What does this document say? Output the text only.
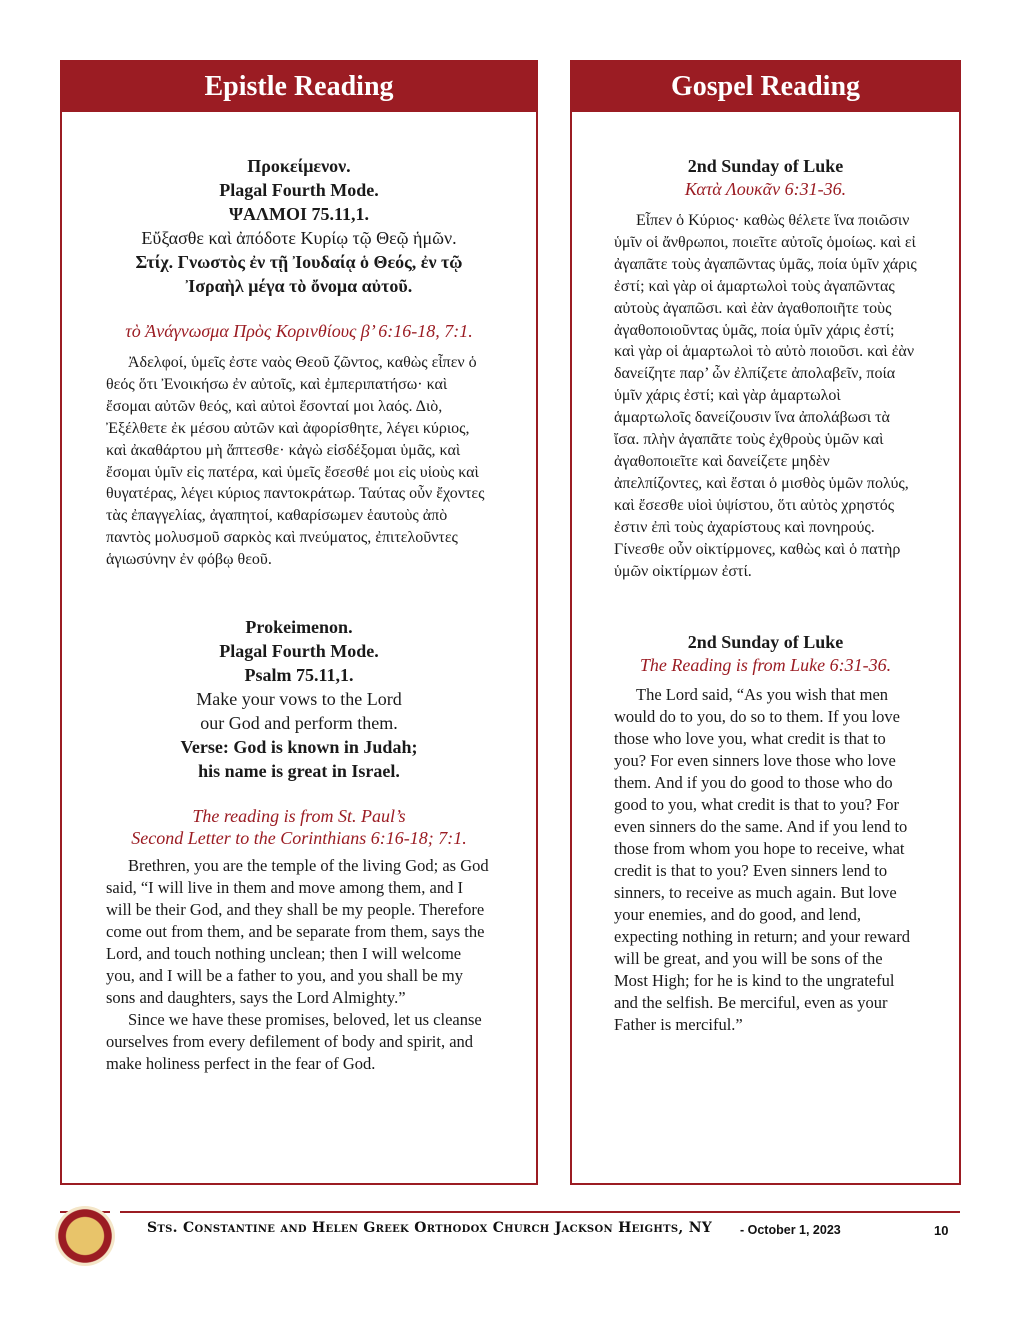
Epistle Reading
Προκείμενον.
Plagal Fourth Mode.
ΨΑΛΜΟΙ 75.11,1.
Εὔξασθε καὶ ἀπόδοτε Κυρίῳ τῷ Θεῷ ἡμῶν.
Στίχ. Γνωστὸς ἐν τῇ Ἰουδαίᾳ ὁ Θεός, ἐν τῷ
Ἰσραὴλ μέγα τὸ ὄνομα αὐτοῦ.
τὸ Ἀνάγνωσμα Πρὸς Κορινθίους β’ 6:16-18, 7:1.

Ἀδελφοί, ὑμεῖς ἐστε ναὸς Θεοῦ ζῶντος, καθὼς εἶπεν ὁ θεός ὅτι Ἐνοικήσω ἐν αὐτοῖς, καὶ ἐμπεριπατήσω· καὶ ἔσομαι αὐτῶν θεός, καὶ αὐτοὶ ἔσονταί μοι λαός. Διὸ, Ἐξέλθετε ἐκ μέσου αὐτῶν καὶ ἀφορίσθητε, λέγει κύριος, καὶ ἀκαθάρτου μὴ ἅπτεσθε· κἀγὼ εἰσδέξομαι ὑμᾶς, καὶ ἔσομαι ὑμῖν εἰς πατέρα, καὶ ὑμεῖς ἔσεσθέ μοι εἰς υἱοὺς καὶ θυγατέρας, λέγει κύριος παντοκράτωρ. Ταύτας οὖν ἔχοντες τὰς ἐπαγγελίας, ἀγαπητοί, καθαρίσωμεν ἑαυτοὺς ἀπὸ παντὸς μολυσμοῦ σαρκὸς καὶ πνεύματος, ἐπιτελοῦντες ἁγιωσύνην ἐν φόβῳ θεοῦ.

Prokeimenon.
Plagal Fourth Mode.
Psalm 75.11,1.
Make your vows to the Lord
our God and perform them.
Verse: God is known in Judah;
his name is great in Israel.
The reading is from St. Paul’s
Second Letter to the Corinthians 6:16-18; 7:1.

Brethren, you are the temple of the living God; as God said, “I will live in them and move among them, and I will be their God, and they shall be my people. Therefore come out from them, and be separate from them, says the Lord, and touch nothing unclean; then I will welcome you, and I will be a father to you, and you shall be my sons and daughters, says the Lord Almighty.”

Since we have these promises, beloved, let us cleanse ourselves from every defilement of body and spirit, and make holiness perfect in the fear of God.

Gospel Reading
2nd Sunday of Luke
Κατὰ Λουκᾶν 6:31-36.

Εἶπεν ὁ Κύριος· καθὼς θέλετε ἵνα ποιῶσιν ὑμῖν οἱ ἄνθρωποι, ποιεῖτε αὐτοῖς ὁμοίως. καὶ εἰ ἀγαπᾶτε τοὺς ἀγαπῶντας ὑμᾶς, ποία ὑμῖν χάρις ἐστί; καὶ γὰρ οἱ ἁμαρτωλοὶ τοὺς ἀγαπῶντας αὐτοὺς ἀγαπῶσι. καὶ ἐὰν ἀγαθοποιῆτε τοὺς ἀγαθοποιοῦντας ὑμᾶς, ποία ὑμῖν χάρις ἐστί; καὶ γὰρ οἱ ἁμαρτωλοὶ τὸ αὐτὸ ποιοῦσι. καὶ ἐὰν δανείζητε παρ’ ὧν ἐλπίζετε ἀπολαβεῖν, ποία ὑμῖν χάρις ἐστί; καὶ γὰρ ἁμαρτωλοὶ ἁμαρτωλοῖς δανείζουσιν ἵνα ἀπολάβωσι τὰ ἴσα. πλὴν ἀγαπᾶτε τοὺς ἐχθροὺς ὑμῶν καὶ ἀγαθοποιεῖτε καὶ δανείζετε μηδὲν ἀπελπίζοντες, καὶ ἔσται ὁ μισθὸς ὑμῶν πολύς, καὶ ἔσεσθε υἱοὶ ὑψίστου, ὅτι αὐτὸς χρηστός ἐστιν ἐπὶ τοὺς ἀχαρίστους καὶ πονηρούς. Γίνεσθε οὖν οἰκτίρμονες, καθὼς καὶ ὁ πατὴρ ὑμῶν οἰκτίρμων ἐστί.

2nd Sunday of Luke
The Reading is from Luke 6:31-36.

The Lord said, “As you wish that men would do to you, do so to them. If you love those who love you, what credit is that to you? For even sinners love those who love them. And if you do good to those who do good to you, what credit is that to you? For even sinners do the same. And if you lend to those from whom you hope to receive, what credit is that to you? Even sinners lend to sinners, to receive as much again. But love your enemies, and do good, and lend, expecting nothing in return; and your reward will be great, and you will be sons of the Most High; for he is kind to the ungrateful and the selfish. Be merciful, even as your Father is merciful.”

Sts. Constantine and Helen Greek Orthodox Church Jackson Heights, NY - October 1, 2023	10
